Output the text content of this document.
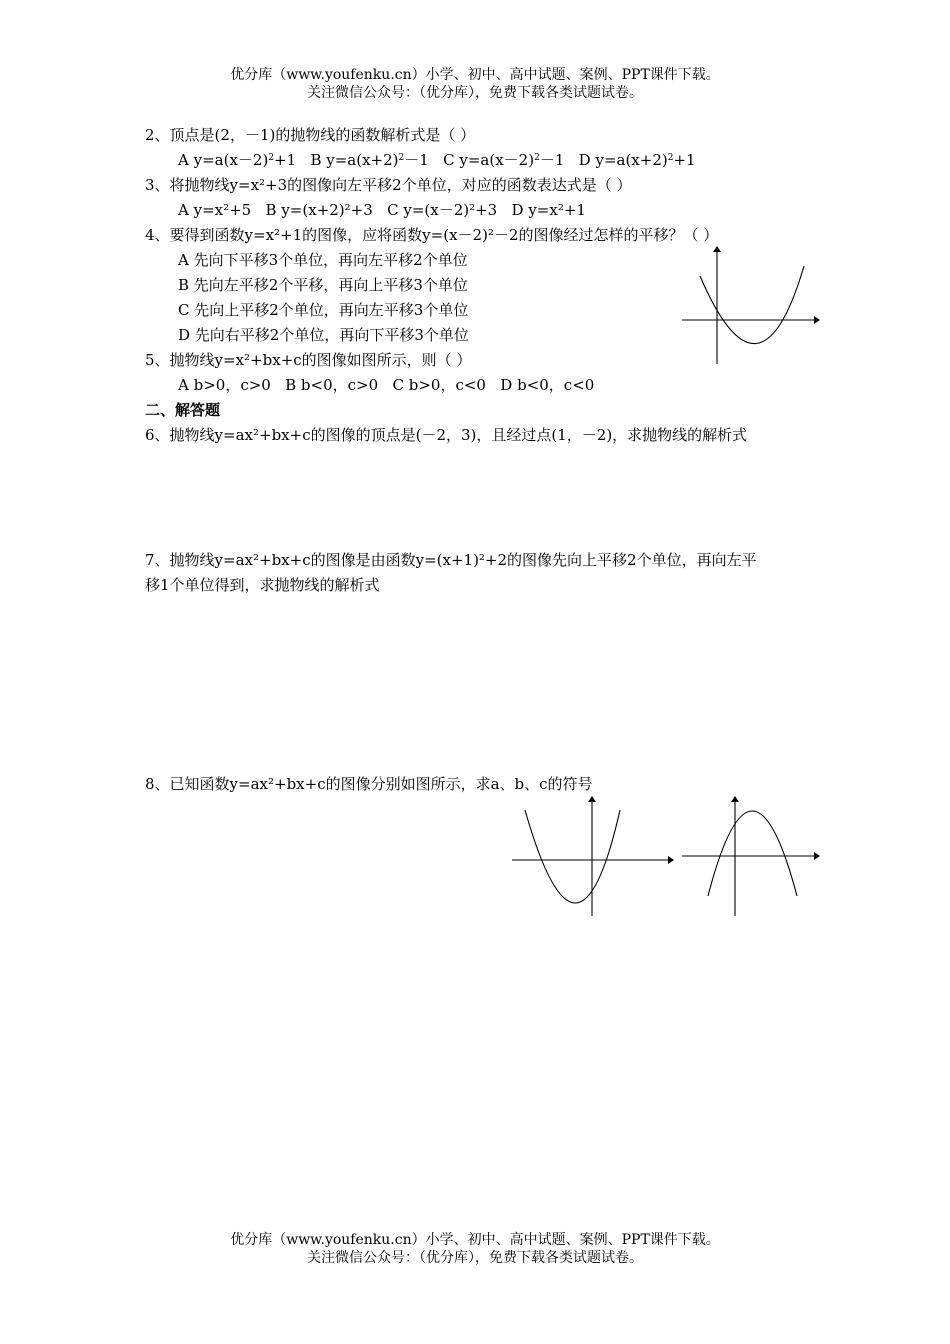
优分库（www.youfenku.cn）小学、初中、高中试题、案例、PPT课件下载。
关注微信公众号：（优分库），免费下载各类试题试卷。
2、顶点是(2，－1)的抛物线的函数解析式是（ ）
A $y=a(x-2)^2+1$ B $y=a(x+2)^2-1$ C $y=a(x-2)^2-1$ D $y=a(x+2)^2+1$
3、将抛物线y=x²+3的图像向左平移2个单位，对应的函数表达式是（ ）
A y=x²+5 B y=(x+2)²+3 C y=(x－2)²+3 D y=x²+1
4、要得到函数y=x²+1的图像，应将函数y=(x－2)²－2的图像经过怎样的平移？（ ）
A 先向下平移3个单位，再向左平移2个单位
B 先向左平移2个平移，再向上平移3个单位
C 先向上平移2个单位，再向左平移3个单位
D 先向右平移2个单位，再向下平移3个单位
5、抛物线y=x²+bx+c的图像如图所示，则（ ）
A b>0，c>0 B b<0，c>0 C b>0，c<0 D b<0，c<0
二、解答题
6、抛物线y=ax²+bx+c的图像的顶点是(－2，3)，且经过点(1，－2)，求抛物线的解析式
7、抛物线y=ax²+bx+c的图像是由函数y=(x+1)²+2的图像先向上平移2个单位，再向左平
移1个单位得到，求抛物线的解析式
8、已知函数y=ax²+bx+c的图像分别如图所示，求a、b、c的符号
优分库（www.youfenku.cn）小学、初中、高中试题、案例、PPT课件下载。
关注微信公众号：（优分库），免费下载各类试题试卷。
